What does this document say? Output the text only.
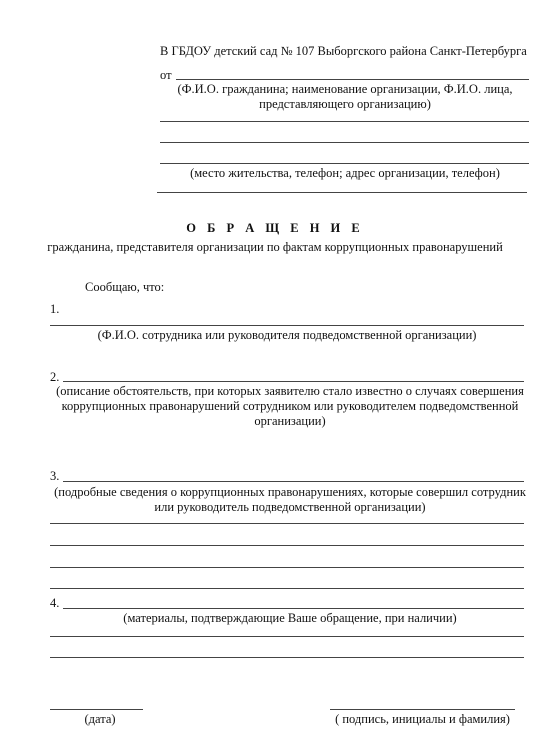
В ГБДОУ детский сад № 107 Выборгского района Санкт-Петербурга
от
(Ф.И.О. гражданина; наименование организации, Ф.И.О. лица, представляющего организацию)
(место жительства, телефон; адрес организации, телефон)
О Б Р А Щ Е Н И Е
гражданина, представителя организации по фактам коррупционных правонарушений
Сообщаю, что:
1.
(Ф.И.О. сотрудника или руководителя подведомственной организации)
2.
(описание обстоятельств, при которых заявителю стало известно о случаях совершения коррупционных правонарушений сотрудником или руководителем подведомственной организации)
3.
(подробные сведения о коррупционных правонарушениях, которые совершил сотрудник или руководитель подведомственной организации)
4.
(материалы, подтверждающие Ваше обращение, при наличии)
(дата)	( подпись, инициалы и фамилия)
